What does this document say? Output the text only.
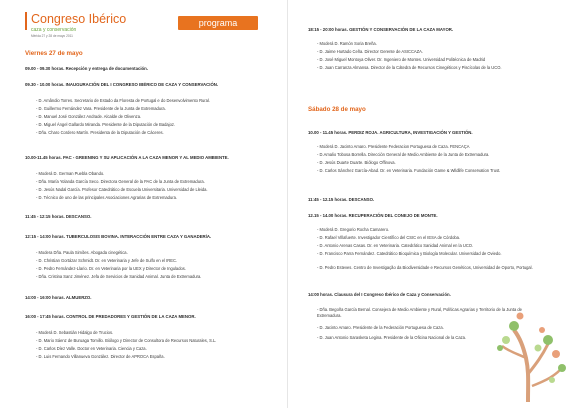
Congreso Ibérico
caza y conservación
Mérida 27 y 28 de mayo 2011
programa
Viernes 27 de mayo
09.00 - 09.30 horas. Recepción y entrega de documentación.
09.30 - 10.00 horas. INAUGURACIÓN DEL I CONGRESO IBÉRICO DE CAZA Y CONSERVACIÓN.
- D. Amândio Torres. Secretario de Estado da Floresta de Portugal e do Desenvolvimento Rural.
- D. Guillermo Fernández Vara. Presidente de la Junta de Extremadura.
- D. Manuel José González Andrade. Alcalde de Olivenza.
- D. Miguel Ángel Gallardo Miranda. Presidente de la Diputación de Badajoz.
- Dña. Charo Cordero Martín. Presidenta de la Diputación de Cáceres.
10.00-11.45 horas. PAC - GREENING Y SU APLICACIÓN A LA CAZA MENOR Y AL MEDIO AMBIENTE.
- Moderá D. German Puebla Obando.
- Dña. María Yolanda García Seco. Directora General de la PAC de la Junta de Extremadura.
- D. Jesús Nadal García. Profesor Catedrático de Escuela Universitaria. Universidad de Lleida.
- D. Técnico de uno de las principales Asociaciones Agrarias de Extremadura.
11:45 - 12:15 horas. DESCANSO.
12:15 - 14:00 horas. TUBERCULOSIS BOVINA. INTERACCIÓN ENTRE CAZA Y GANADERÍA.
- Modera Dña. Paula Simões. Abogada cinegética.
- D. Christian Gortázar Schmidt. Dr. en Veterinaria y Jefe de Sulfo en el IREC.
- D. Pedro Fernández-Llario. Dr. en Veterinaria por la UEX y Director de Ingulados.
- Dña. Cristina Sanz Jiménez. Jefa de Servicios de Sanidad Animal. Junta de Extremadura.
14:00 - 16:00 horas. ALMUERZO.
16:00 - 17:45 horas. CONTROL DE PREDADORES Y GESTIÓN DE LA CAZA MENOR.
- Moderá D. Sebastián Hidalgo de Trucios.
- D. Mario Sáenz de Buruaga Tomillo. Biólogo y Director de Consultora de Recursos Naturales, S.L.
- D. Carlos Díez Valle. Doctor en Veterinaria. Ciencia y Caza.
- D. Luis Fernando Villanueva González. Director de APROCA España.
18:15 - 20:00 horas. GESTIÓN Y CONSERVACIÓN DE LA CAZA MAYOR.
- Moderá D. Ramón Soria Breña.
- D. Jaime Hurtado Ceña. Director Gerente de ASICCAZA.
- D. José Miguel Montoya Oliver. Dr. Ingeniero de Montes. Universidad Politécnica de Madrid
- D. Juan Carranza Almansa. Director de la Cátedra de Recursos Cinegéticos y Piscícolas de la UCO.
Sábado 28 de mayo
10.00 - 11.45 horas. PERDIZ ROJA. AGRICULTURA, INVESTIGACIÓN Y GESTIÓN.
- Moderá D. Jacinto Amaro. Presidente Federacion Portuguesa de Caza. FENCAÇA
- D.Amalio Tobosa Borrella. Dirección General de Medio Ambiente de la Junta de Extremadura.
- D. Jesús Duarte Duarte. Biólogo Offinova.
- D. Carlos Sánchez García-Abad. Dr. en Veterinaria. Fundación Game & Wildlife Conservation Trust.
11:45 - 12.15 horas. DESCANSO.
12.15 - 14.00 horas. RECUPERACIÓN DEL CONEJO DE MONTE.
- Moderá D. Gregorio Rocha Camarero.
- D. Rafael Villafuerte. Investigador Científico del CSIC en el IESA de Córdoba.
- D. Antonio Arenas Casas. Dr. en Veterinaria. Catedrático Sanidad Animal en la UCO.
- D. Francisco Parra Fernández. Catedrático Bioquímica y Biología Molecular. Universidad de Oviedo.
- D. Pedro Esteves. Centro de Investigação da Biodiversidade e Recursos Genéticos, Universidad de Oporto, Portugal.
14:00 horas. Clausura del I Congreso Ibérico de Caza y Conservación.
- Dña. Begoña García Bernal. Consejera de Medio Ambiente y Rural, Políticas Agrarias y Territorio de la Junta de Extremadura.
- D. Jacinto Amaro. Presidente de la Federación Portuguesa de Caza.
- D. Juan Antonio Sarasketa Legina. Presidente de la Oficina Nacional de la Caza.
